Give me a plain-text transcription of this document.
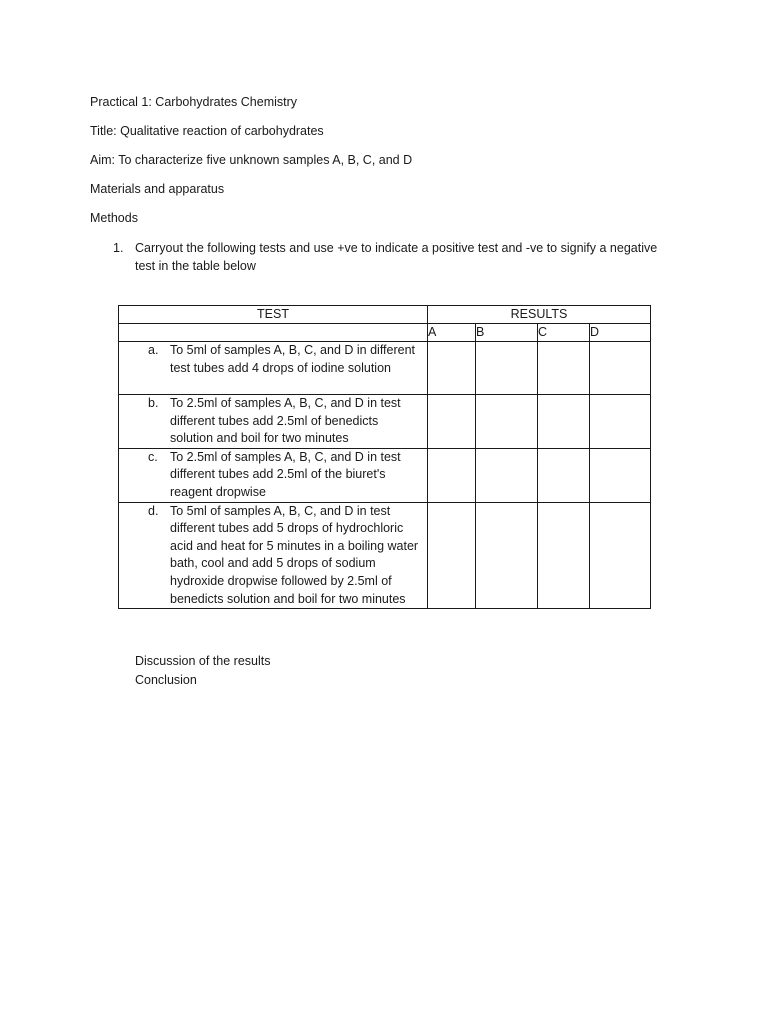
Practical 1: Carbohydrates Chemistry
Title: Qualitative reaction of carbohydrates
Aim: To characterize five unknown samples A, B, C, and D
Materials and apparatus
Methods
1. Carryout the following tests and use +ve to indicate a positive test and -ve to signify a negative test in the table below
TEST	RESULTS			
	A	B	C	D

a. To 5ml of samples A, B, C, and D in different test tubes add 4 drops of iodine solution				

b. To 2.5ml of samples A, B, C, and D in test different tubes add 2.5ml of benedicts solution and boil for two minutes				

c. To 2.5ml of samples A, B, C, and D in test different tubes add 2.5ml of the biuret's reagent dropwise				

d. To 5ml of samples A, B, C, and D in test different tubes add 5 drops of hydrochloric acid and heat for 5 minutes in a boiling water bath, cool and add 5 drops of sodium hydroxide dropwise followed by 2.5ml of benedicts solution and boil for two minutes				

Discussion of the results
Conclusion
